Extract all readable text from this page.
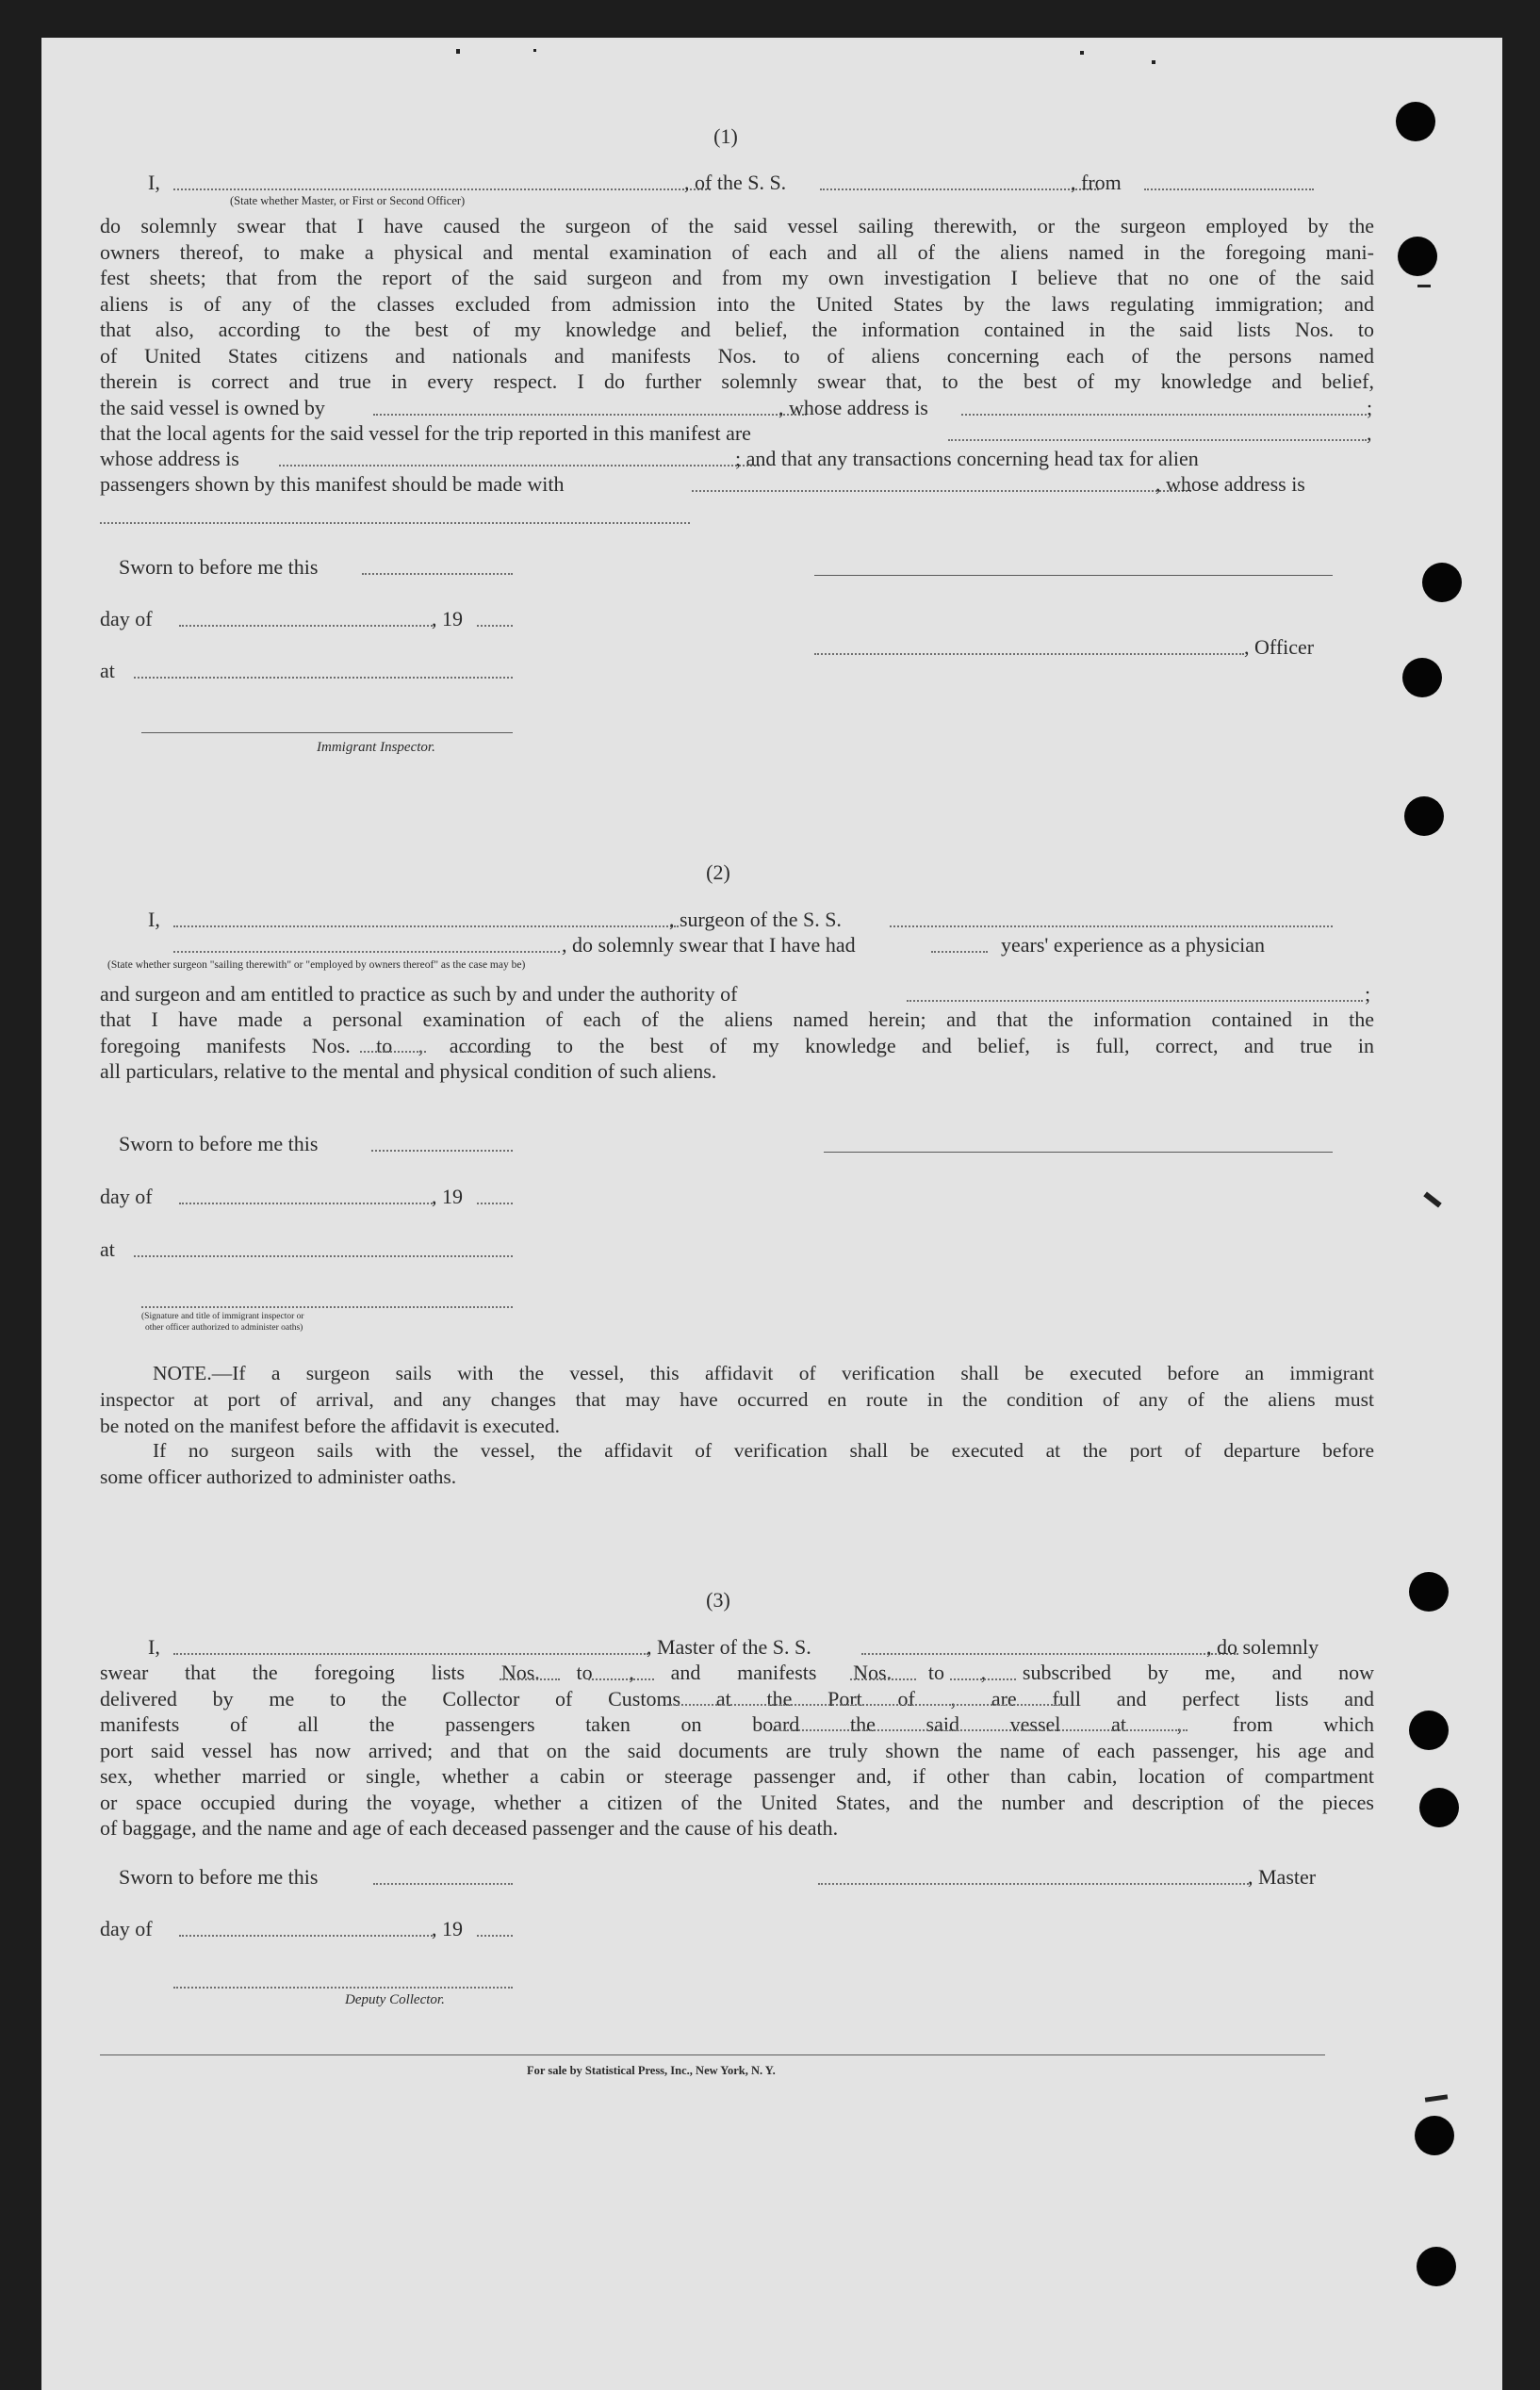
(1)
I,	, of the S. S.	, from
(State whether Master, or First or Second Officer)
do solemnly swear that I have caused the surgeon of the said vessel sailing therewith, or the surgeon employed by the
owners thereof, to make a physical and mental examination of each and all of the aliens named in the foregoing mani-
fest sheets; that from the report of the said surgeon and from my own investigation I believe that no one of the said
aliens is of any of the classes excluded from admission into the United States by the laws regulating immigration; and
that also, according to the best of my knowledge and belief, the information contained in the said lists Nos. to
of United States citizens and nationals and manifests Nos. to of aliens concerning each of the persons named
therein is correct and true in every respect. I do further solemnly swear that, to the best of my knowledge and belief,
the said vessel is owned by	, whose address is	;
that the local agents for the said vessel for the trip reported in this manifest are	,
whose address is	; and that any transactions concerning head tax for alien
passengers shown by this manifest should be made with	, whose address is
Sworn to before me this
day of	, 19
, Officer
at
Immigrant Inspector.
(2)
I,	, surgeon of the S. S.
(State whether surgeon "sailing therewith" or "employed by owners thereof" as the case may be)
, do solemnly swear that I have had	years' experience as a physician
and surgeon and am entitled to practice as such by and under the authority of	;
that I have made a personal examination of each of the aliens named herein; and that the information contained in the
foregoing manifests Nos. to , according to the best of my knowledge and belief, is full, correct, and true in
all particulars, relative to the mental and physical condition of such aliens.
Sworn to before me this
day of	, 19
at
(Signature and title of immigrant inspector or
other officer authorized to administer oaths)
NOTE.—If a surgeon sails with the vessel, this affidavit of verification shall be executed before an immigrant
inspector at port of arrival, and any changes that may have occurred en route in the condition of any of the aliens must
be noted on the manifest before the affidavit is executed.
If no surgeon sails with the vessel, the affidavit of verification shall be executed at the port of departure before
some officer authorized to administer oaths.
(3)
I,	, Master of the S. S.	, do solemnly
swear that the foregoing lists Nos. to , and manifests Nos. to , subscribed by me, and now
delivered by me to the Collector of Customs at the Port of , are full and perfect lists and
manifests of all the passengers taken on board the said vessel at , from which
port said vessel has now arrived; and that on the said documents are truly shown the name of each passenger, his age and
sex, whether married or single, whether a cabin or steerage passenger and, if other than cabin, location of compartment
or space occupied during the voyage, whether a citizen of the United States, and the number and description of the pieces
of baggage, and the name and age of each deceased passenger and the cause of his death.
Sworn to before me this	, Master
day of	, 19
Deputy Collector.
For sale by Statistical Press, Inc., New York, N. Y.
